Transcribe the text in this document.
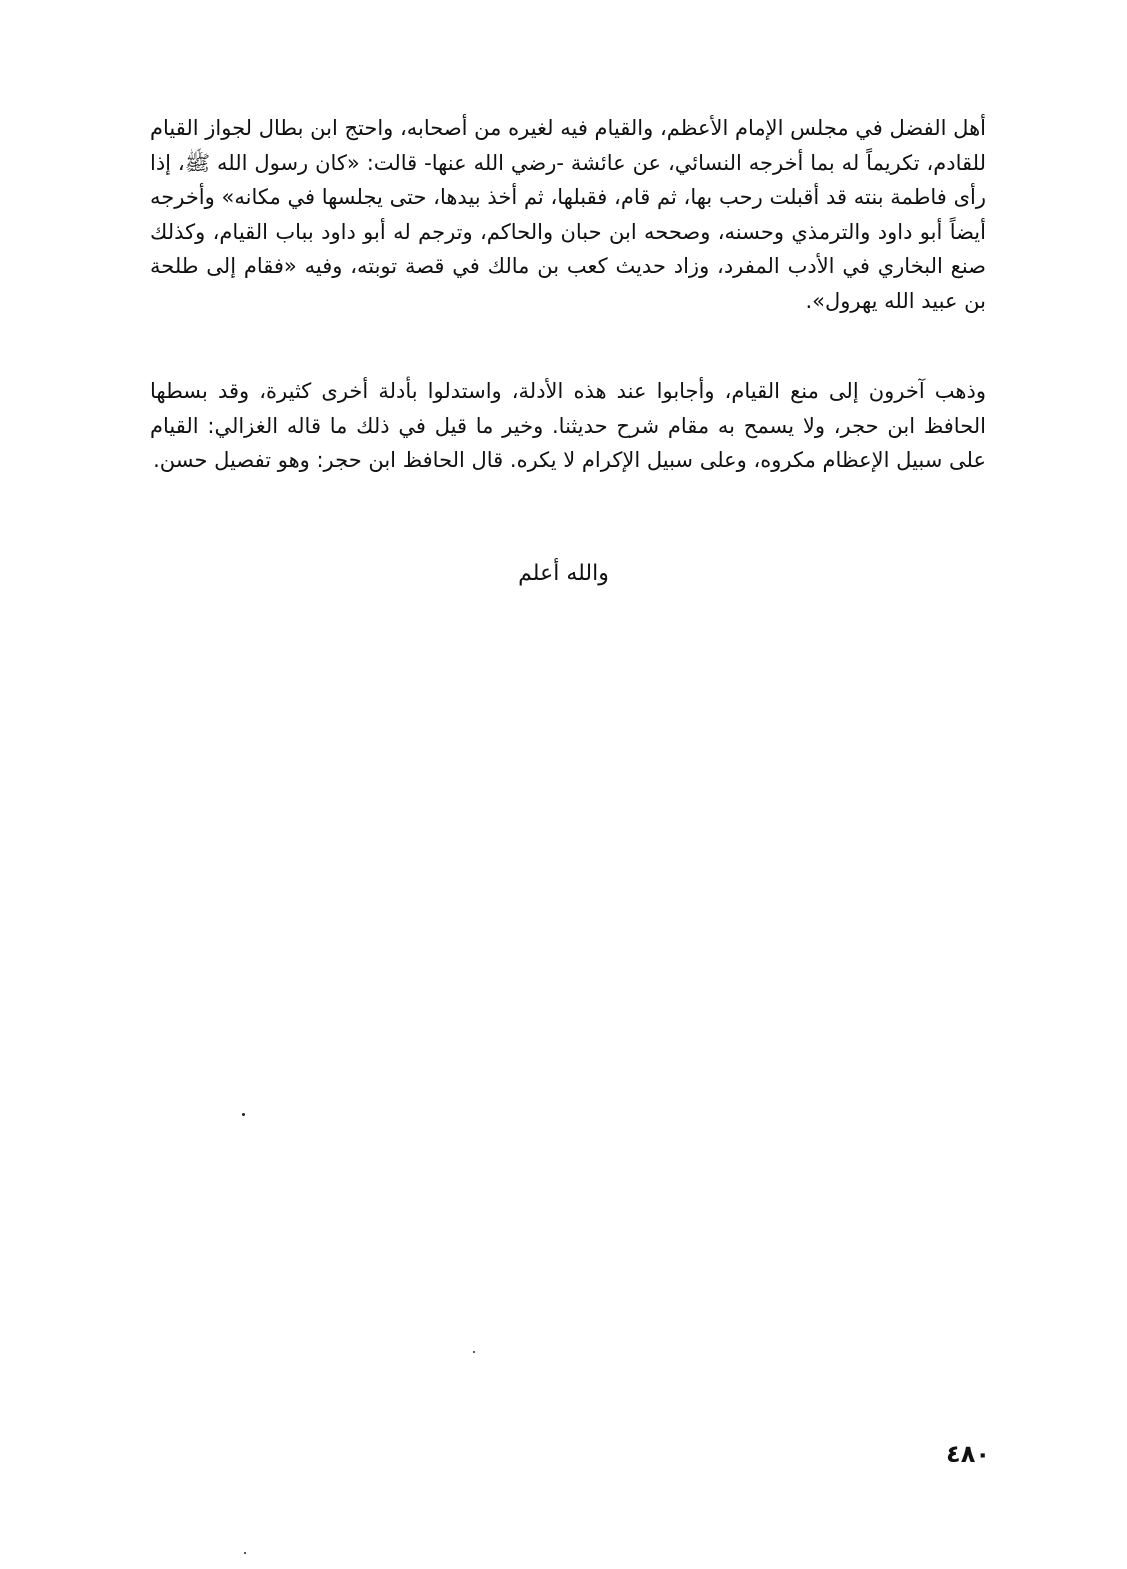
أهل الفضل في مجلس الإمام الأعظم، والقيام فيه لغيره من أصحابه، واحتج ابن بطال لجواز القيام للقادم، تكريماً له بما أخرجه النسائي، عن عائشة -رضي الله عنها- قالت: «كان رسول الله ﷺ، إذا رأى فاطمة بنته قد أقبلت رحب بها، ثم قام، فقبلها، ثم أخذ بيدها، حتى يجلسها في مكانه» وأخرجه أيضاً أبو داود والترمذي وحسنه، وصححه ابن حبان والحاكم، وترجم له أبو داود بباب القيام، وكذلك صنع البخاري في الأدب المفرد، وزاد حديث كعب بن مالك في قصة توبته، وفيه «فقام إلى طلحة بن عبيد الله يهرول».

وذهب آخرون إلى منع القيام، وأجابوا عند هذه الأدلة، واستدلوا بأدلة أخرى كثيرة، وقد بسطها الحافظ ابن حجر، ولا يسمح به مقام شرح حديثنا. وخير ما قيل في ذلك ما قاله الغزالي: القيام على سبيل الإعظام مكروه، وعلى سبيل الإكرام لا يكره. قال الحافظ ابن حجر: وهو تفصيل حسن.

والله أعلم

٤٨٠
